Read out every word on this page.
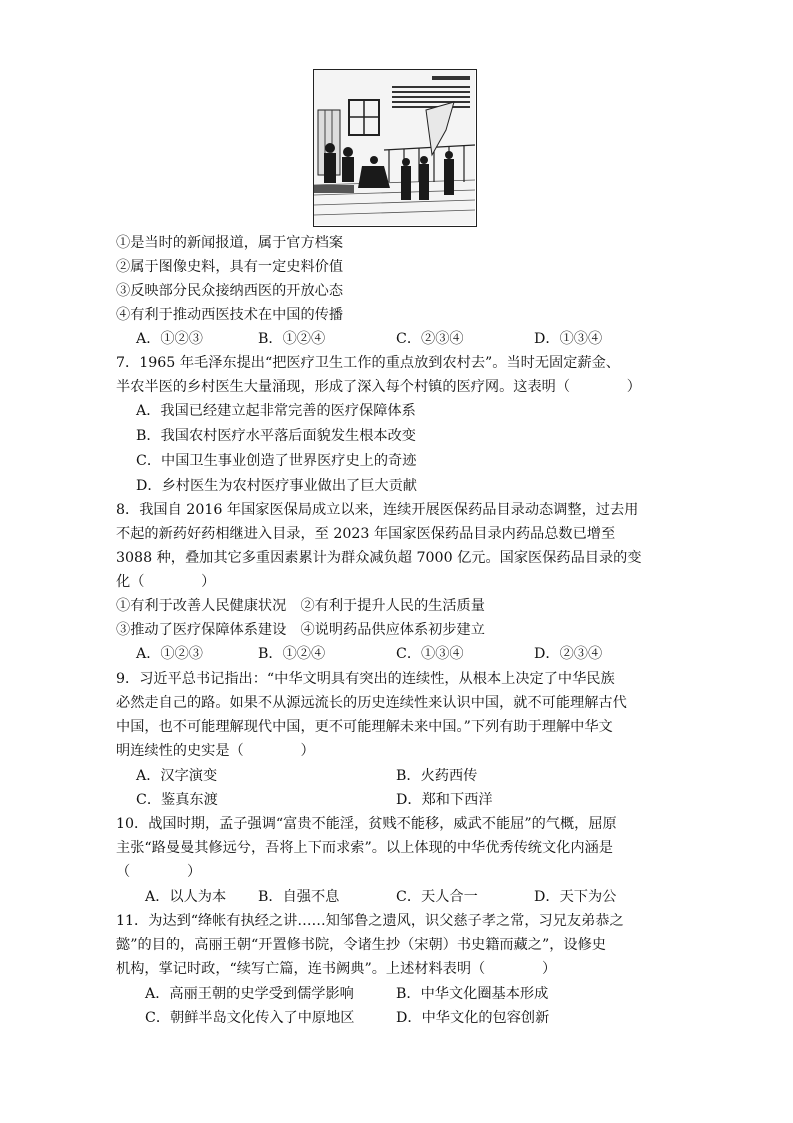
①是当时的新闻报道，属于官方档案
②属于图像史料，具有一定史料价值
③反映部分民众接纳西医的开放心态
④有利于推动西医技术在中国的传播
A．①②③	B．①②④	C．②③④	D．①③④
7．1965 年毛泽东提出“把医疗卫生工作的重点放到农村去”。当时无固定薪金、
半农半医的乡村医生大量涌现，形成了深入每个村镇的医疗网。这表明（　　　　）
A．我国已经建立起非常完善的医疗保障体系
B．我国农村医疗水平落后面貌发生根本改变
C．中国卫生事业创造了世界医疗史上的奇迹
D．乡村医生为农村医疗事业做出了巨大贡献
8．我国自 2016 年国家医保局成立以来，连续开展医保药品目录动态调整，过去用
不起的新药好药相继进入目录，至 2023 年国家医保药品目录内药品总数已增至
3088 种，叠加其它多重因素累计为群众减负超 7000 亿元。国家医保药品目录的变
化（　　　　）
①有利于改善人民健康状况　②有利于提升人民的生活质量
③推动了医疗保障体系建设　④说明药品供应体系初步建立
A．①②③	B．①②④	C．①③④	D．②③④
9．习近平总书记指出：“中华文明具有突出的连续性，从根本上决定了中华民族
必然走自己的路。如果不从源远流长的历史连续性来认识中国，就不可能理解古代
中国，也不可能理解现代中国，更不可能理解未来中国。”下列有助于理解中华文
明连续性的史实是（　　　　）
A．汉字演变	B．火药西传
C．鉴真东渡	D．郑和下西洋
10．战国时期，孟子强调“富贵不能淫，贫贱不能移，威武不能屈”的气概，屈原
主张“路曼曼其修远兮，吾将上下而求索”。以上体现的中华优秀传统文化内涵是
（　　　　）
A．以人为本 B．自强不息	C．天人合一	D．天下为公
11．为达到“绛帐有执经之讲……知邹鲁之遗风，识父慈子孝之常，习兄友弟恭之
懿”的目的，高丽王朝“开置修书院，令诸生抄（宋朝）书史籍而藏之”，设修史
机构，掌记时政，“续写亡篇，连书阙典”。上述材料表明（　　　　）
A．高丽王朝的史学受到儒学影响	B．中华文化圈基本形成
C．朝鲜半岛文化传入了中原地区	D．中华文化的包容创新
